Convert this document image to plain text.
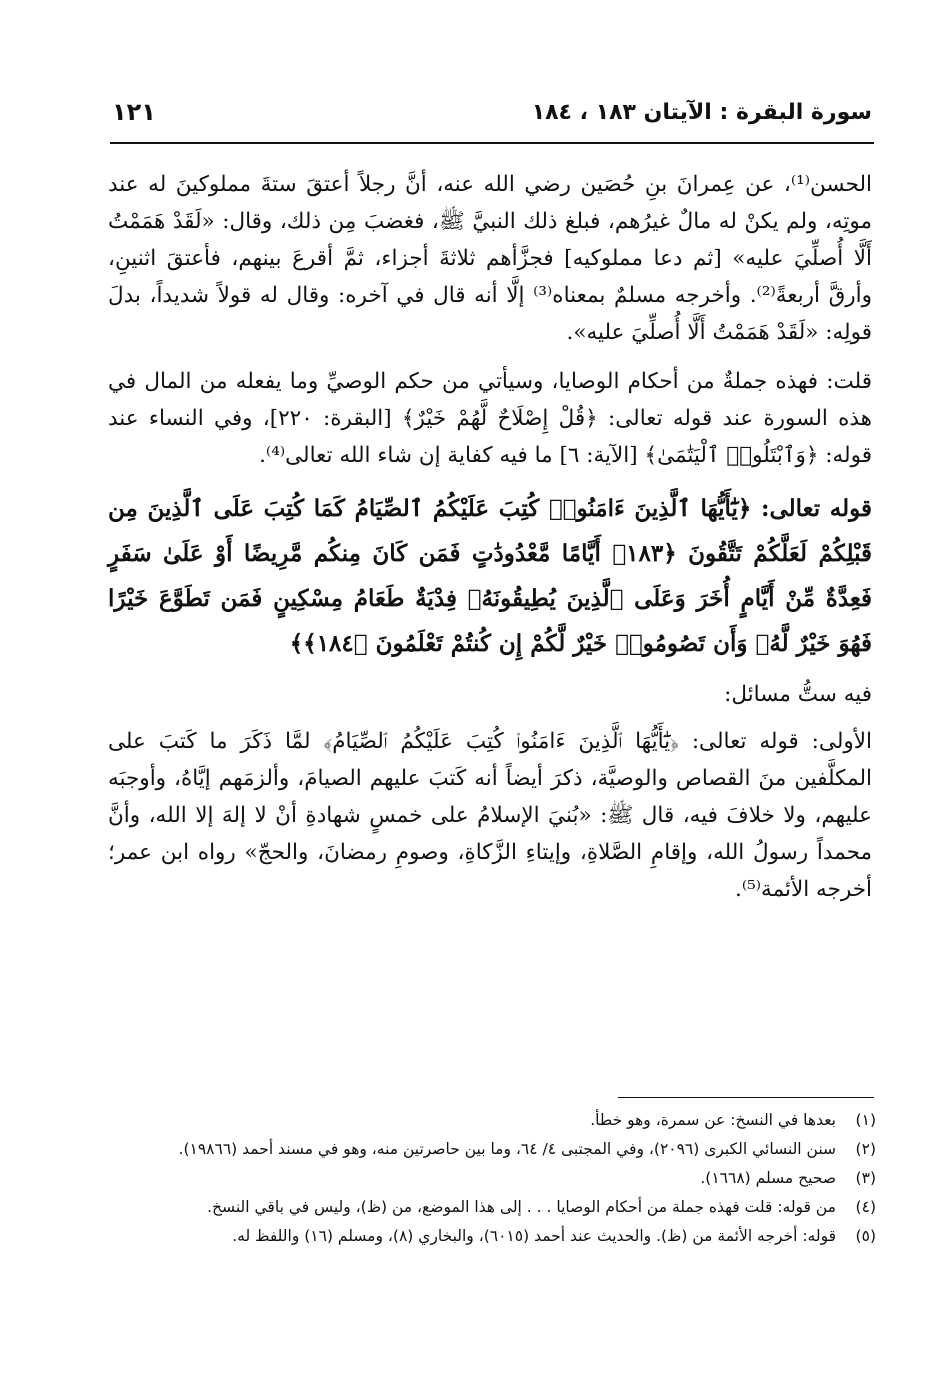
سورة البقرة : الآيتان ١٨٣ ، ١٨٤
١٢١

الحسن⁽¹⁾، عن عِمرانَ بنِ حُصَين رضي الله عنه، أنَّ رجلاً أعتقَ ستةَ مملوكينَ له عند موتِه، ولم يكنْ له مالٌ غيرُهم، فبلغ ذلك النبيَّ ﷺ، فغضبَ مِن ذلك، وقال: «لَقَدْ هَمَمْتُ أَلَّا أُصلِّيَ عليه» [ثم دعا مملوكيه] فجزَّأهم ثلاثةَ أجزاء، ثمَّ أقرعَ بينهم، فأعتقَ اثنينِ، وأرقَّ أربعةً⁽²⁾. وأخرجه مسلمٌ بمعناه⁽³⁾ إلَّا أنه قال في آخره: وقال له قولاً شديداً، بدلَ قولِه: «لَقَدْ هَمَمْتُ أَلَّا أُصلِّيَ عليه».

قلت: فهذه جملةٌ من أحكام الوصايا، وسيأتي من حكم الوصيِّ وما يفعله من المال في هذه السورة عند قوله تعالى: ﴿قُلْ إِصْلَاحٌ لَّهُمْ خَيْرٌ﴾ [البقرة: ٢٢٠]، وفي النساء عند قوله: ﴿وَٱبْتَلُوا۟ ٱلْيَتَٰمَىٰ﴾ [الآية: ٦] ما فيه كفاية إن شاء الله تعالى⁽⁴⁾.

قوله تعالى: ﴿يَٰٓأَيُّهَا ٱلَّذِينَ ءَامَنُوا۟ كُتِبَ عَلَيْكُمُ ٱلصِّيَامُ كَمَا كُتِبَ عَلَى ٱلَّذِينَ مِن قَبْلِكُمْ لَعَلَّكُمْ تَتَّقُونَ ﴿١٨٣﴾ أَيَّامًا مَّعْدُودَٰتٍ فَمَن كَانَ مِنكُم مَّرِيضًا أَوْ عَلَىٰ سَفَرٍ فَعِدَّةٌ مِّنْ أَيَّامٍ أُخَرَ وَعَلَى ٱلَّذِينَ يُطِيقُونَهُۥ فِدْيَةٌ طَعَامُ مِسْكِينٍ فَمَن تَطَوَّعَ خَيْرًا فَهُوَ خَيْرٌ لَّهُۥ وَأَن تَصُومُوا۟ خَيْرٌ لَّكُمْ إِن كُنتُمْ تَعْلَمُونَ ﴿١٨٤﴾﴾

فيه ستُّ مسائل:

الأولى: قوله تعالى: ﴿يَٰٓأَيُّهَا ٱلَّذِينَ ءَامَنُوا۟ كُتِبَ عَلَيْكُمُ ٱلصِّيَامُ﴾ لمَّا ذَكَرَ ما كَتبَ على المكلَّفين منَ القصاص والوصيَّة، ذكرَ أيضاً أنه كَتبَ عليهم الصيامَ، وألزمَهم إيَّاهُ، وأوجبَه عليهم، ولا خلافَ فيه، قال ﷺ: «بُنيَ الإسلامُ على خمسٍ شهادةِ أنْ لا إلهَ إلا الله، وأنَّ محمداً رسولُ الله، وإقامِ الصَّلاةِ، وإيتاءِ الزَّكاةِ، وصومِ رمضانَ، والحجّ» رواه ابن عمر؛ أخرجه الأئمة⁽⁵⁾.

(١)
بعدها في النسخ: عن سمرة، وهو خطأ.
(٢)
سنن النسائي الكبرى (٢٠٩٦)، وفي المجتبى ٤/ ٦٤، وما بين حاصرتين منه، وهو في مسند أحمد (١٩٨٦٦).
(٣)
صحيح مسلم (١٦٦٨).
(٤)
من قوله: قلت فهذه جملة من أحكام الوصايا . . . إلى هذا الموضع، من (ظ)، وليس في باقي النسخ.
(٥)
قوله: أخرجه الأئمة من (ظ). والحديث عند أحمد (٦٠١٥)، والبخاري (٨)، ومسلم (١٦) واللفظ له.
